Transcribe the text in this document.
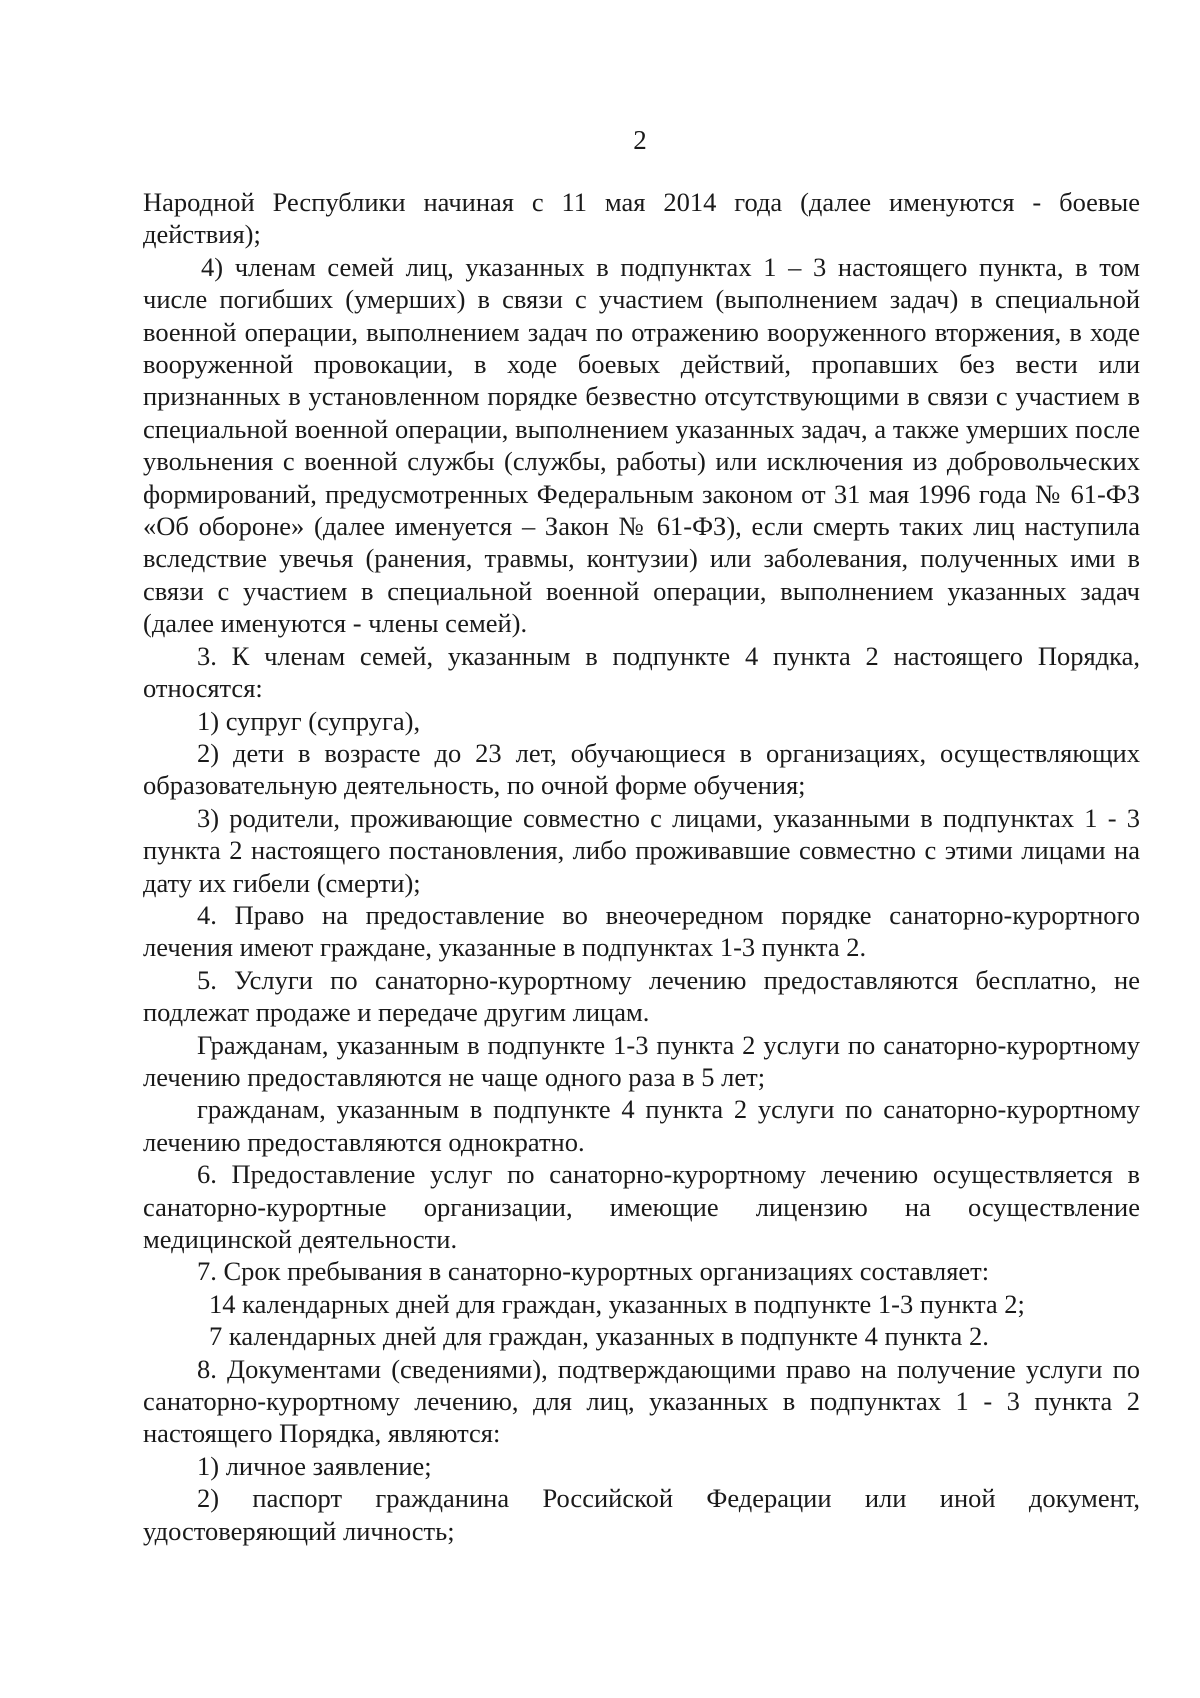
2

Народной Республики начиная с 11 мая 2014 года (далее именуются - боевые действия);

4) членам семей лиц, указанных в подпунктах 1 – 3 настоящего пункта, в том числе погибших (умерших) в связи с участием (выполнением задач) в специальной военной операции, выполнением задач по отражению вооруженного вторжения, в ходе вооруженной провокации, в ходе боевых действий, пропавших без вести или признанных в установленном порядке безвестно отсутствующими в связи с участием в специальной военной операции, выполнением указанных задач, а также умерших после увольнения с военной службы (службы, работы) или исключения из добровольческих формирований, предусмотренных Федеральным законом от 31 мая 1996 года № 61-ФЗ «Об обороне» (далее именуется – Закон № 61-ФЗ), если смерть таких лиц наступила вследствие увечья (ранения, травмы, контузии) или заболевания, полученных ими в связи с участием в специальной военной операции, выполнением указанных задач (далее именуются - члены семей).

3. К членам семей, указанным в подпункте 4 пункта 2 настоящего Порядка, относятся:

1) супруг (супруга),

2) дети в возрасте до 23 лет, обучающиеся в организациях, осуществляющих образовательную деятельность, по очной форме обучения;

3) родители, проживающие совместно с лицами, указанными в подпунктах 1 - 3 пункта 2 настоящего постановления, либо проживавшие совместно с этими лицами на дату их гибели (смерти);

4. Право на предоставление во внеочередном порядке санаторно-курортного лечения имеют граждане, указанные в подпунктах 1-3 пункта 2.

5. Услуги по санаторно-курортному лечению предоставляются бесплатно, не подлежат продаже и передаче другим лицам.

Гражданам, указанным в подпункте 1-3 пункта 2 услуги по санаторно-курортному лечению предоставляются не чаще одного раза в 5 лет;

гражданам, указанным в подпункте 4 пункта 2 услуги по санаторно-курортному лечению предоставляются однократно.

6. Предоставление услуг по санаторно-курортному лечению осуществляется в санаторно-курортные организации, имеющие лицензию на осуществление медицинской деятельности.

7. Срок пребывания в санаторно-курортных организациях составляет:

14 календарных дней для граждан, указанных в подпункте 1-3 пункта 2;

7 календарных дней для граждан, указанных в подпункте 4 пункта 2.

8. Документами (сведениями), подтверждающими право на получение услуги по санаторно-курортному лечению, для лиц, указанных в подпунктах 1 - 3 пункта 2 настоящего Порядка, являются:

1) личное заявление;

2) паспорт гражданина Российской Федерации или иной документ, удостоверяющий личность;
